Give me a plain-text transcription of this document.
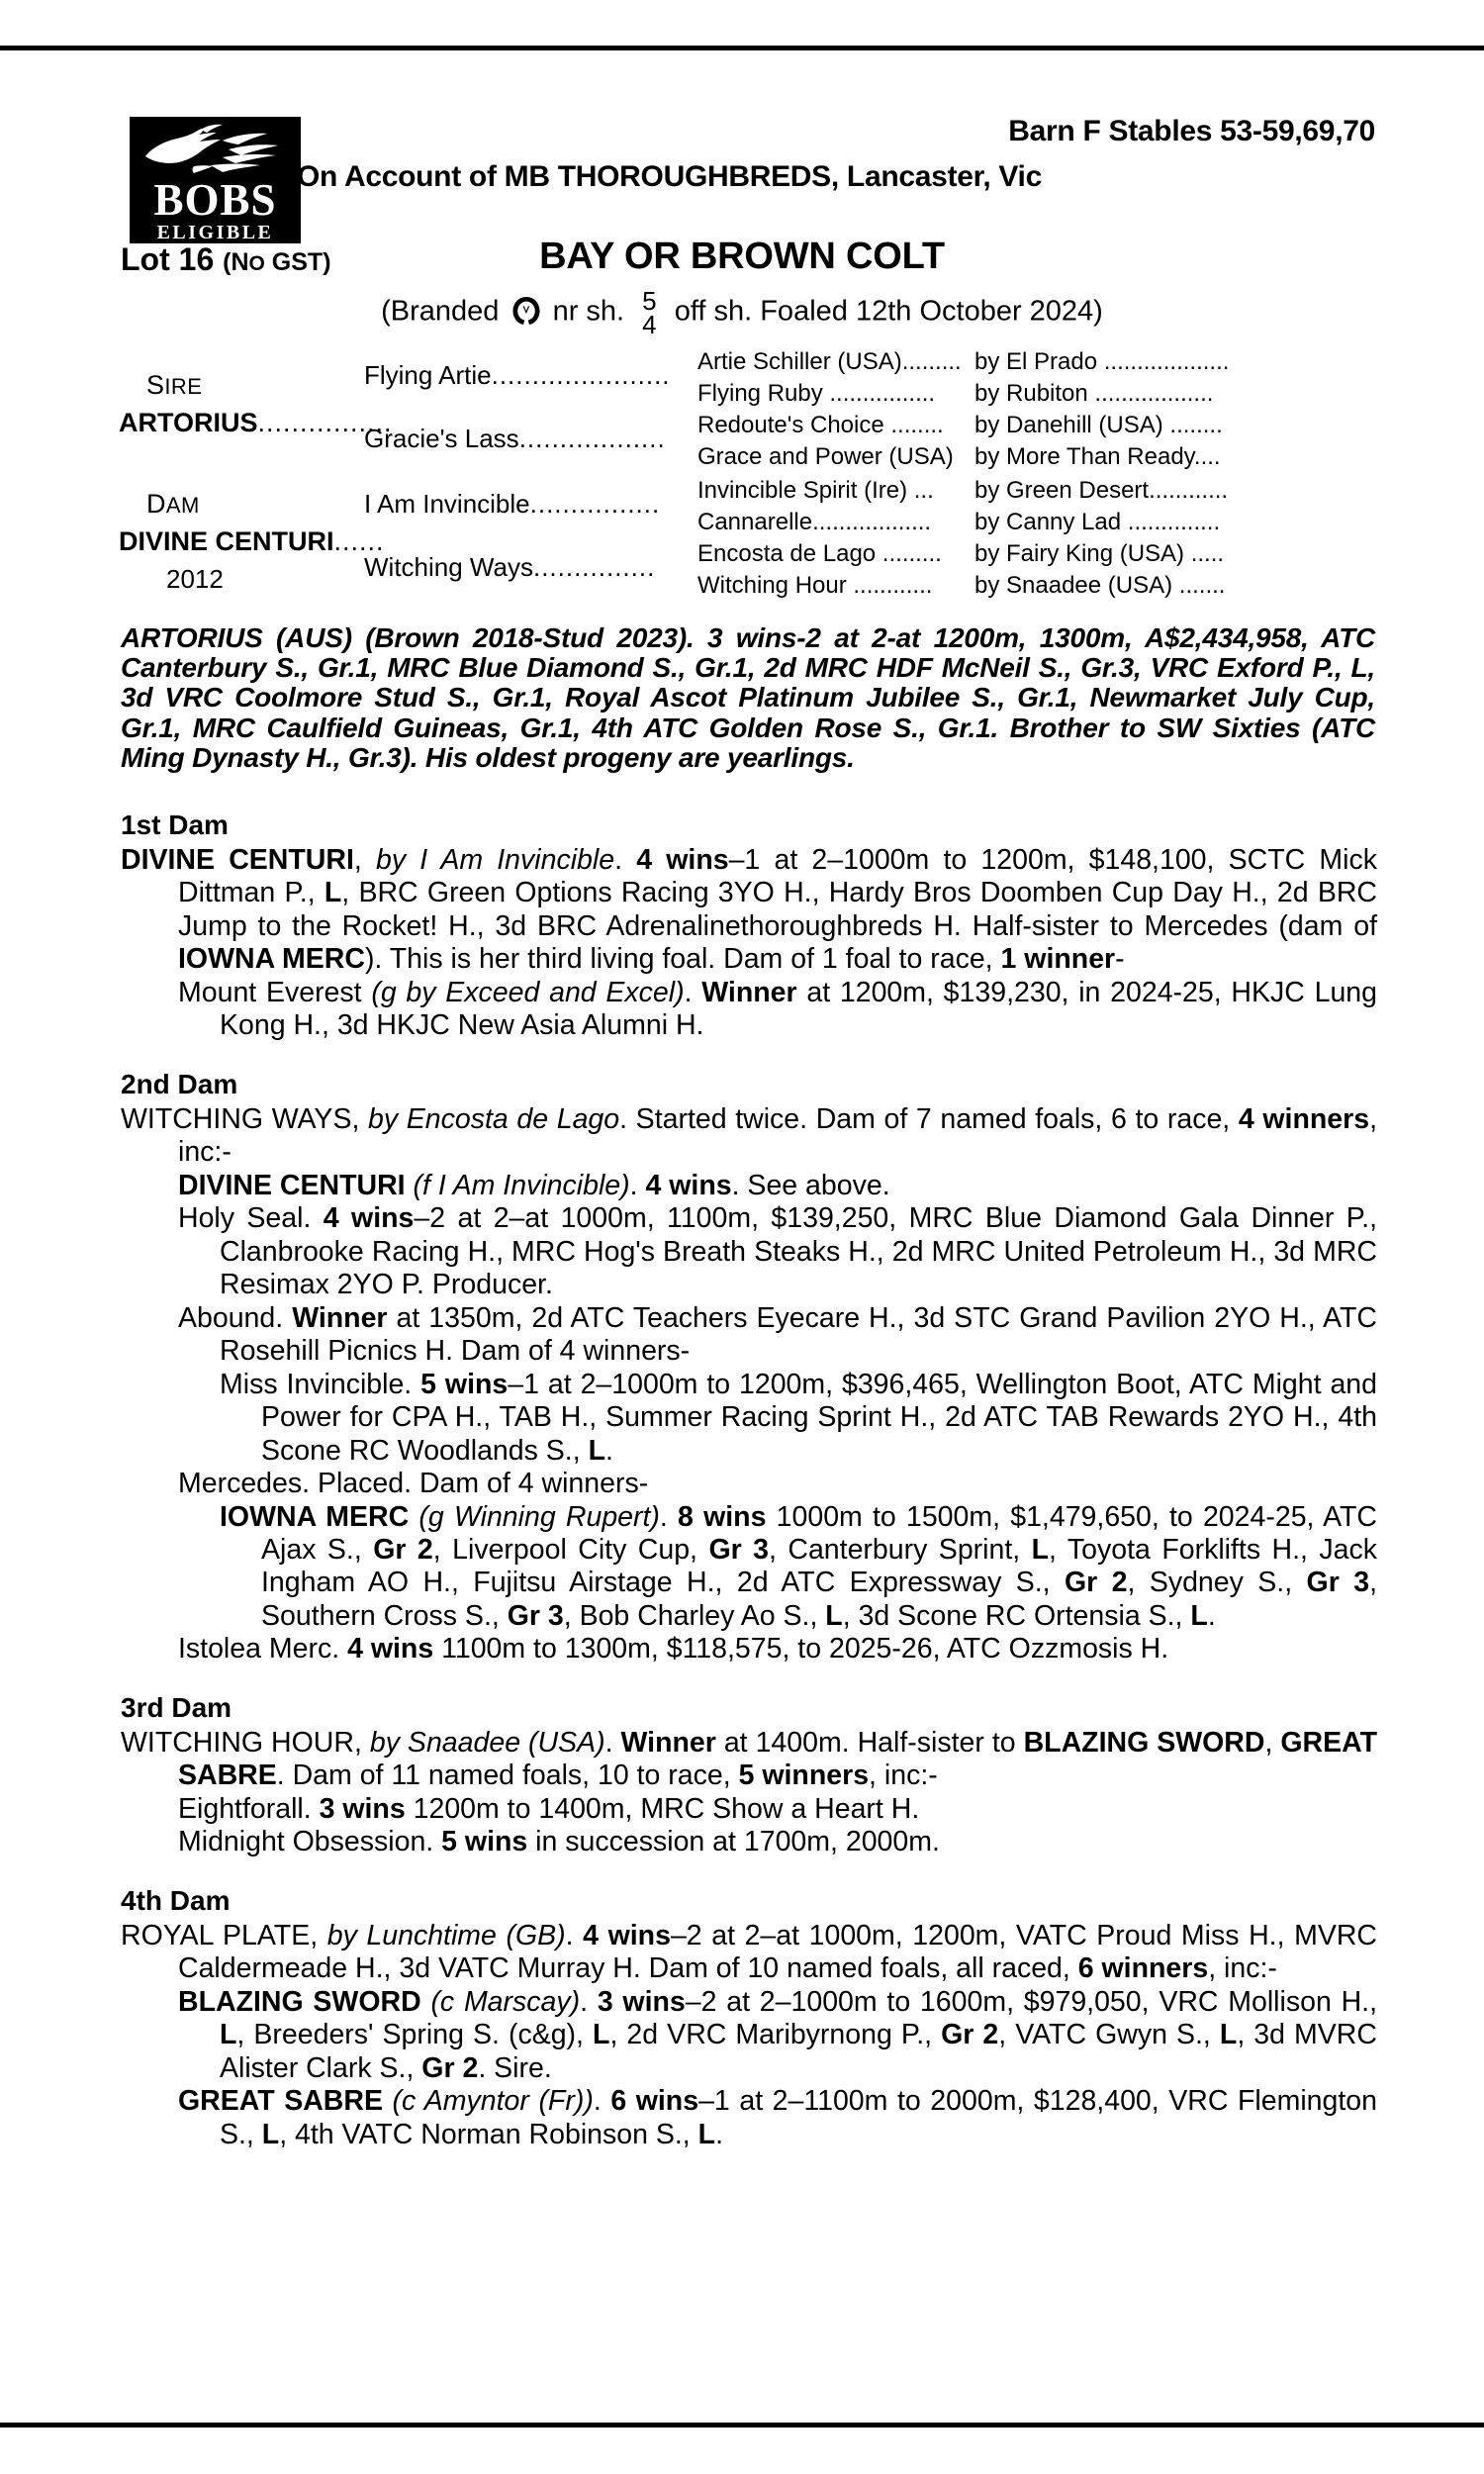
BOBS
ELIGIBLE
Barn F Stables 53-59,69,70
On Account of MB THOROUGHBREDS, Lancaster, Vic
Lot 16 (NO GST)	BAY OR BROWN COLT
(Branded nr sh. 5
4 off sh. Foaled 12th October 2024)
SIRE
ARTORIUS................
DAM
DIVINE CENTURI......
2012
Flying Artie......................
Gracie's Lass..................
I Am Invincible................
Witching Ways...............
Artie Schiller (USA)......... by El Prado ...................
Flying Ruby ................ by Rubiton ..................
Redoute's Choice ........ by Danehill (USA) ........
Grace and Power (USA) by More Than Ready....
Invincible Spirit (Ire) ... by Green Desert............
Cannarelle.................. by Canny Lad ..............
Encosta de Lago ......... by Fairy King (USA) .....
Witching Hour ............ by Snaadee (USA) .......
ARTORIUS (AUS) (Brown 2018-Stud 2023). 3 wins-2 at 2-at 1200m, 1300m, A$2,434,958, ATC Canterbury S., Gr.1, MRC Blue Diamond S., Gr.1, 2d MRC HDF McNeil S., Gr.3, VRC Exford P., L, 3d VRC Coolmore Stud S., Gr.1, Royal Ascot Platinum Jubilee S., Gr.1, Newmarket July Cup, Gr.1, MRC Caulfield Guineas, Gr.1, 4th ATC Golden Rose S., Gr.1. Brother to SW Sixties (ATC Ming Dynasty H., Gr.3). His oldest progeny are yearlings.
1st Dam

DIVINE CENTURI, by I Am Invincible. 4 wins–1 at 2–1000m to 1200m, $148,100, SCTC Mick Dittman P., L, BRC Green Options Racing 3YO H., Hardy Bros Doomben Cup Day H., 2d BRC Jump to the Rocket! H., 3d BRC Adrenalinethoroughbreds H. Half-sister to Mercedes (dam of IOWNA MERC). This is her third living foal. Dam of 1 foal to race, 1 winner-

Mount Everest (g by Exceed and Excel). Winner at 1200m, $139,230, in 2024-25, HKJC Lung Kong H., 3d HKJC New Asia Alumni H.

2nd Dam

WITCHING WAYS, by Encosta de Lago. Started twice. Dam of 7 named foals, 6 to race, 4 winners, inc:-

DIVINE CENTURI (f I Am Invincible). 4 wins. See above.

Holy Seal. 4 wins–2 at 2–at 1000m, 1100m, $139,250, MRC Blue Diamond Gala Dinner P., Clanbrooke Racing H., MRC Hog's Breath Steaks H., 2d MRC United Petroleum H., 3d MRC Resimax 2YO P. Producer.

Abound. Winner at 1350m, 2d ATC Teachers Eyecare H., 3d STC Grand Pavilion 2YO H., ATC Rosehill Picnics H. Dam of 4 winners-

Miss Invincible. 5 wins–1 at 2–1000m to 1200m, $396,465, Wellington Boot, ATC Might and Power for CPA H., TAB H., Summer Racing Sprint H., 2d ATC TAB Rewards 2YO H., 4th Scone RC Woodlands S., L.

Mercedes. Placed. Dam of 4 winners-

IOWNA MERC (g Winning Rupert). 8 wins 1000m to 1500m, $1,479,650, to 2024-25, ATC Ajax S., Gr 2, Liverpool City Cup, Gr 3, Canterbury Sprint, L, Toyota Forklifts H., Jack Ingham AO H., Fujitsu Airstage H., 2d ATC Expressway S., Gr 2, Sydney S., Gr 3, Southern Cross S., Gr 3, Bob Charley Ao S., L, 3d Scone RC Ortensia S., L.

Istolea Merc. 4 wins 1100m to 1300m, $118,575, to 2025-26, ATC Ozzmosis H.

3rd Dam

WITCHING HOUR, by Snaadee (USA). Winner at 1400m. Half-sister to BLAZING SWORD, GREAT SABRE. Dam of 11 named foals, 10 to race, 5 winners, inc:-

Eightforall. 3 wins 1200m to 1400m, MRC Show a Heart H.

Midnight Obsession. 5 wins in succession at 1700m, 2000m.

4th Dam

ROYAL PLATE, by Lunchtime (GB). 4 wins–2 at 2–at 1000m, 1200m, VATC Proud Miss H., MVRC Caldermeade H., 3d VATC Murray H. Dam of 10 named foals, all raced, 6 winners, inc:-

BLAZING SWORD (c Marscay). 3 wins–2 at 2–1000m to 1600m, $979,050, VRC Mollison H., L, Breeders' Spring S. (c&g), L, 2d VRC Maribyrnong P., Gr 2, VATC Gwyn S., L, 3d MVRC Alister Clark S., Gr 2. Sire.

GREAT SABRE (c Amyntor (Fr)). 6 wins–1 at 2–1100m to 2000m, $128,400, VRC Flemington S., L, 4th VATC Norman Robinson S., L.
